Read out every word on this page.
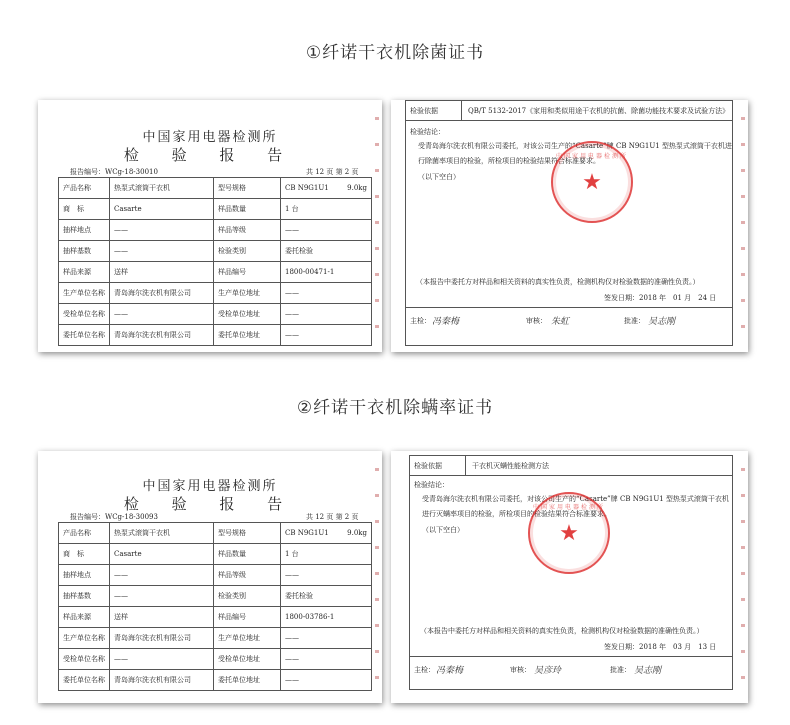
①纤诺干衣机除菌证书
中国家用电器检测所
检 验 报 告
报告编号：WCg-18-30010	共 12 页 第 2 页
产品名称	热泵式滚筒干衣机	型号规格	CB N9G1U1 9.0kg

商　标	Casarte	样品数量	1 台
抽样地点	——	样品等级	——
抽样基数	——	检验类别	委托检验
样品来源	送样	样品编号	1800-00471-1
生产单位名称	青岛海尔洗衣机有限公司	生产单位地址	——
受检单位名称	——	受检单位地址	——
委托单位名称	青岛海尔洗衣机有限公司	委托单位地址	——
检验依据	QB/T 5132-2017《家用和类似用途干衣机的抗菌、除菌功能技术要求及试验方法》
检验结论：
受青岛海尔洗衣机有限公司委托，对该公司生产的“Casarte”牌 CB N9G1U1 型热泵式滚筒干衣机进行除菌率项目的检验，所检项目的检验结果符合标准要求。
（以下空白）
中国家用电器检测所
★
（本报告中委托方对样品和相关资料的真实性负责，检测机构仅对检验数据的准确性负责。）
签发日期：2018 年　01 月　24 日
主检： 冯秦梅	审核： 朱虹	批准： 吴志刚
②纤诺干衣机除螨率证书
中国家用电器检测所
检 验 报 告
报告编号：WCg-18-30093	共 12 页 第 2 页
产品名称	热泵式滚筒干衣机	型号规格	CB N9G1U1 9.0kg

商　标	Casarte	样品数量	1 台
抽样地点	——	样品等级	——
抽样基数	——	检验类别	委托检验
样品来源	送样	样品编号	1800-03786-1
生产单位名称	青岛海尔洗衣机有限公司	生产单位地址	——
受检单位名称	——	受检单位地址	——
委托单位名称	青岛海尔洗衣机有限公司	委托单位地址	——
检验依据	干衣机灭螨性能检测方法
检验结论：
受青岛海尔洗衣机有限公司委托，对该公司生产的“Casarte”牌 CB N9G1U1 型热泵式滚筒干衣机进行灭螨率项目的检验，所检项目的检验结果符合标准要求。
（以下空白）
中国家用电器检测所
★
（本报告中委托方对样品和相关资料的真实性负责，检测机构仅对检验数据的准确性负责。）
签发日期：2018 年　03 月　13 日
主检： 冯秦梅	审核： 吴彦玲	批准： 吴志刚
